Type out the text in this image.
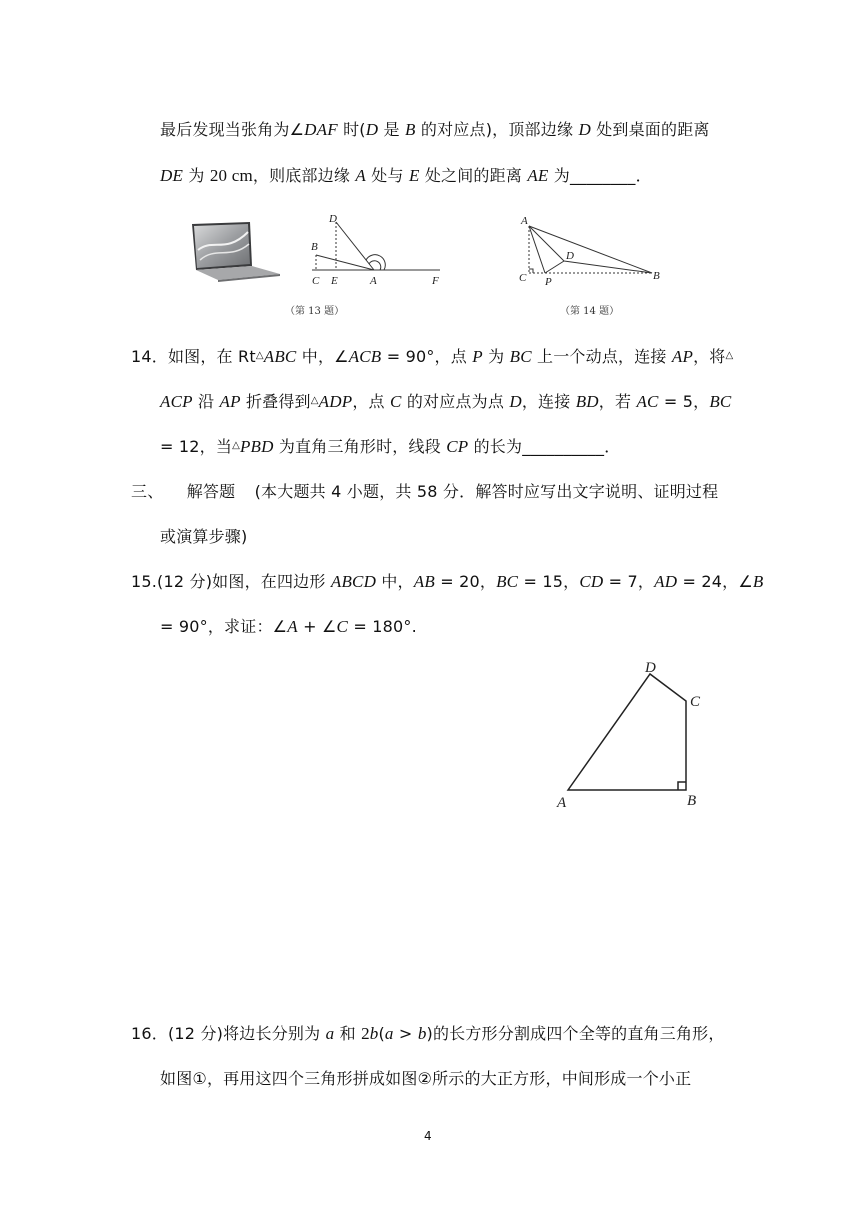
最后发现当张角为∠DAF 时(D 是 B 的对应点)，顶部边缘 D 处到桌面的距离
DE 为 20 cm，则底部边缘 A 处与 E 处之间的距离 AE 为________．
D
B
C E	A	F
（第 13 题）
A
D
C P	B
（第 14 题）
14．如图，在 Rt△ABC 中，∠ACB = 90°，点 P 为 BC 上一个动点，连接 AP，将△
ACP 沿 AP 折叠得到△ADP，点 C 的对应点为点 D，连接 BD，若 AC = 5，BC
= 12，当△PBD 为直角三角形时，线段 CP 的长为__________．
三、 解答题 (本大题共 4 小题，共 58 分．解答时应写出文字说明、证明过程
或演算步骤)
15.(12 分)如图，在四边形 ABCD 中，AB = 20，BC = 15，CD = 7，AD = 24，∠B
= 90°，求证：∠A + ∠C = 180°.
D
C
A	B
16．(12 分)将边长分别为 a 和 2b(a > b)的长方形分割成四个全等的直角三角形，
如图①，再用这四个三角形拼成如图②所示的大正方形，中间形成一个小正
4
